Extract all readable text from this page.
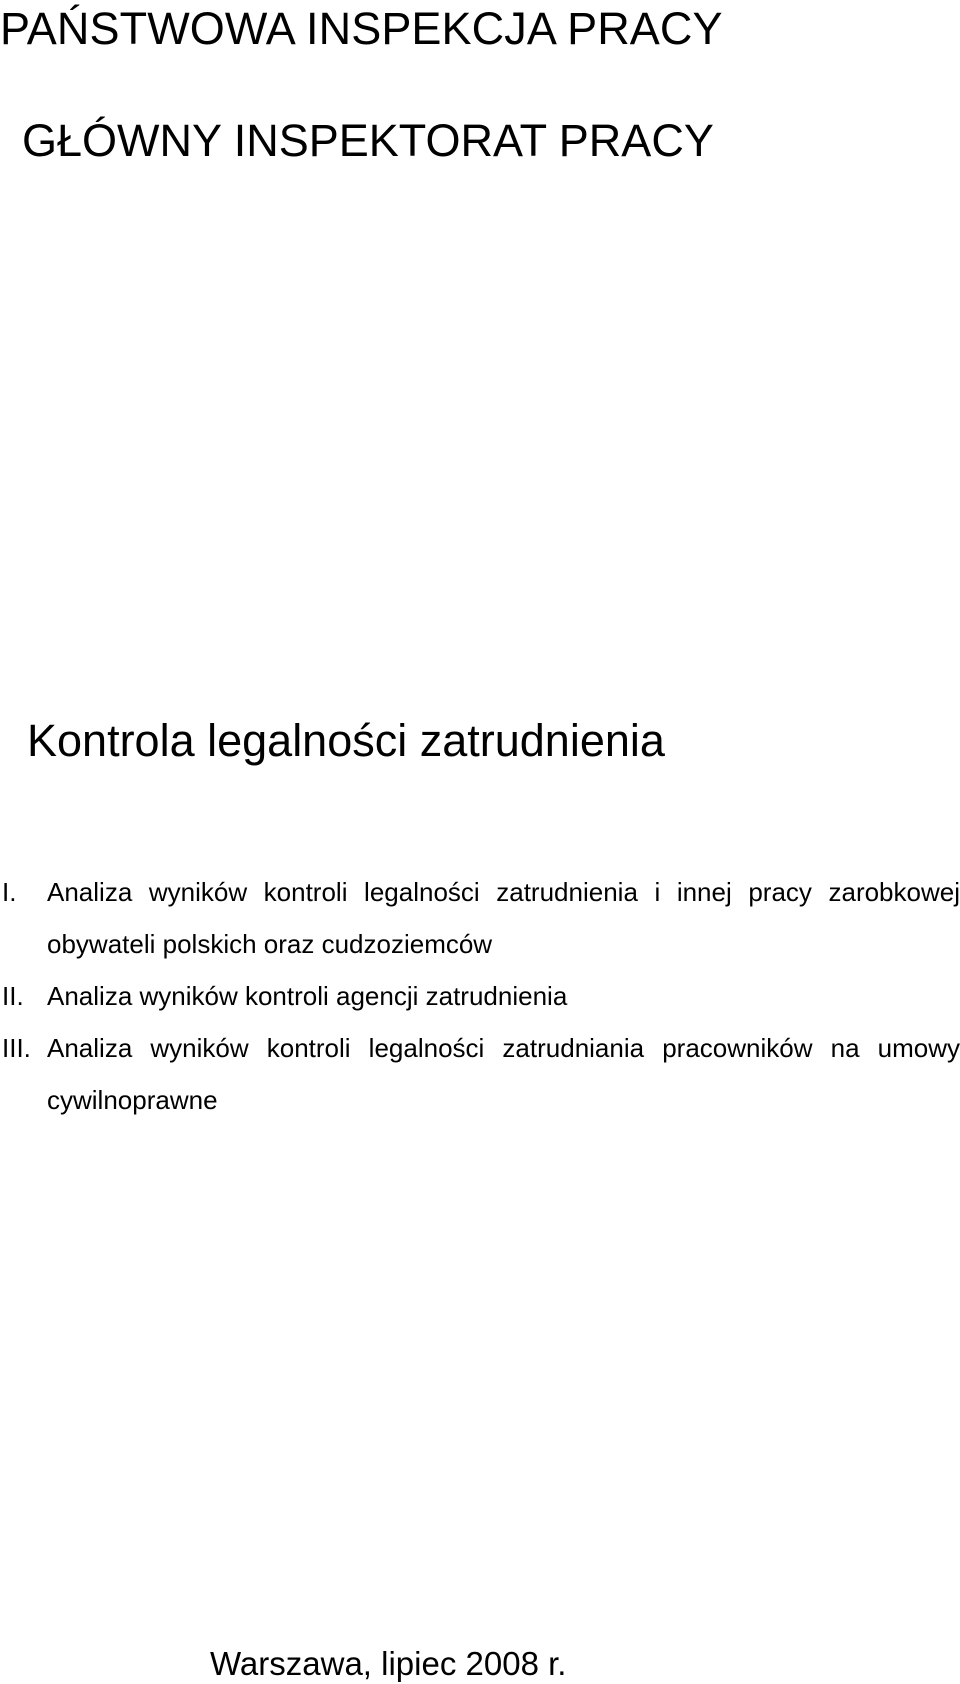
PAŃSTWOWA INSPEKCJA PRACY
GŁÓWNY INSPEKTORAT PRACY
Kontrola legalności zatrudnienia
I. Analiza wyników kontroli legalności zatrudnienia i innej pracy zarobkowej obywateli polskich oraz cudzoziemców
II. Analiza wyników kontroli agencji zatrudnienia
III. Analiza wyników kontroli legalności zatrudniania pracowników na umowy cywilnoprawne
Warszawa, lipiec 2008 r.
